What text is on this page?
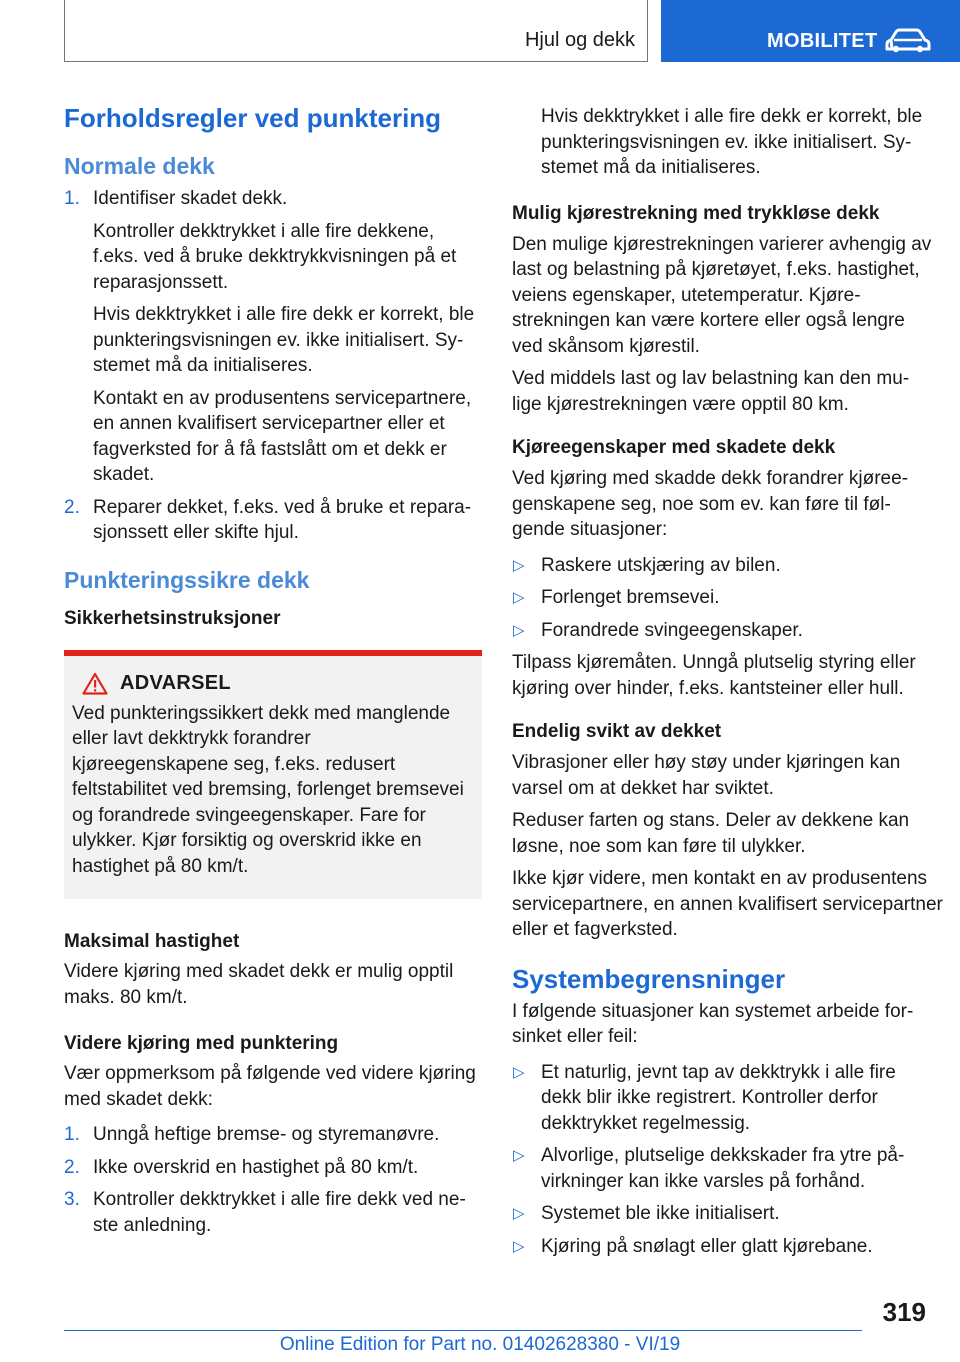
Hjul og dekk	MOBILITET
Forholdsregler ved punktering
Normale dekk
1. Identifiser skadet dekk.
Kontroller dekktrykket i alle fire dekkene, f.eks. ved å bruke dekktrykkvisningen på et reparasjonssett.
Hvis dekktrykket i alle fire dekk er korrekt, ble punkteringsvisningen ev. ikke initialisert. Systemet må da initialiseres.
Kontakt en av produsentens servicepartnere, en annen kvalifisert servicepartner eller et fagverksted for å få fastslått om et dekk er skadet.
2. Reparer dekket, f.eks. ved å bruke et reparasjonssett eller skifte hjul.
Punkteringssikre dekk
Sikkerhetsinstruksjoner
ADVARSEL

Ved punkteringssikkert dekk med manglende eller lavt dekktrykk forandrer kjøreegenskapene seg, f.eks. redusert feltstabilitet ved bremsing, forlenget bremsevei og forandrede svingeegenskaper. Fare for ulykker. Kjør forsiktig og overskrid ikke en hastighet på 80 km/t.

Maksimal hastighet

Videre kjøring med skadet dekk er mulig opptil maks. 80 km/t.

Videre kjøring med punktering

Vær oppmerksom på følgende ved videre kjøring med skadet dekk:

1. Unngå heftige bremse- og styremanøvre.
2. Ikke overskrid en hastighet på 80 km/t.
3. Kontroller dekktrykket i alle fire dekk ved neste anledning.

Hvis dekktrykket i alle fire dekk er korrekt, ble punkteringsvisningen ev. ikke initialisert. Systemet må da initialiseres.

Mulig kjørestrekning med trykkløse dekk

Den mulige kjørestrekningen varierer avhengig av last og belastning på kjøretøyet, f.eks. hastighet, veiens egenskaper, utetemperatur. Kjørestrekningen kan være kortere eller også lengre ved skånsom kjørestil.

Ved middels last og lav belastning kan den mulige kjørestrekningen være opptil 80 km.

Kjøreegenskaper med skadete dekk

Ved kjøring med skadde dekk forandrer kjøreegenskapene seg, noe som ev. kan føre til følgende situasjoner:

▷ Raskere utskjæring av bilen.
▷ Forlenget bremsevei.
▷ Forandrede svingeegenskaper.

Tilpass kjøremåten. Unngå plutselig styring eller kjøring over hinder, f.eks. kantsteiner eller hull.

Endelig svikt av dekket

Vibrasjoner eller høy støy under kjøringen kan varsel om at dekket har sviktet.

Reduser farten og stans. Deler av dekkene kan løsne, noe som kan føre til ulykker.

Ikke kjør videre, men kontakt en av produsentens servicepartnere, en annen kvalifisert servicepartner eller et fagverksted.

Systembegrensninger

I følgende situasjoner kan systemet arbeide forsinket eller feil:

▷ Et naturlig, jevnt tap av dekktrykk i alle fire dekk blir ikke registrert. Kontroller derfor dekktrykket regelmessig.
▷ Alvorlige, plutselige dekkskader fra ytre påvirkninger kan ikke varsles på forhånd.
▷ Systemet ble ikke initialisert.
▷ Kjøring på snølagt eller glatt kjørebane.
319
Online Edition for Part no. 01402628380 - VI/19
